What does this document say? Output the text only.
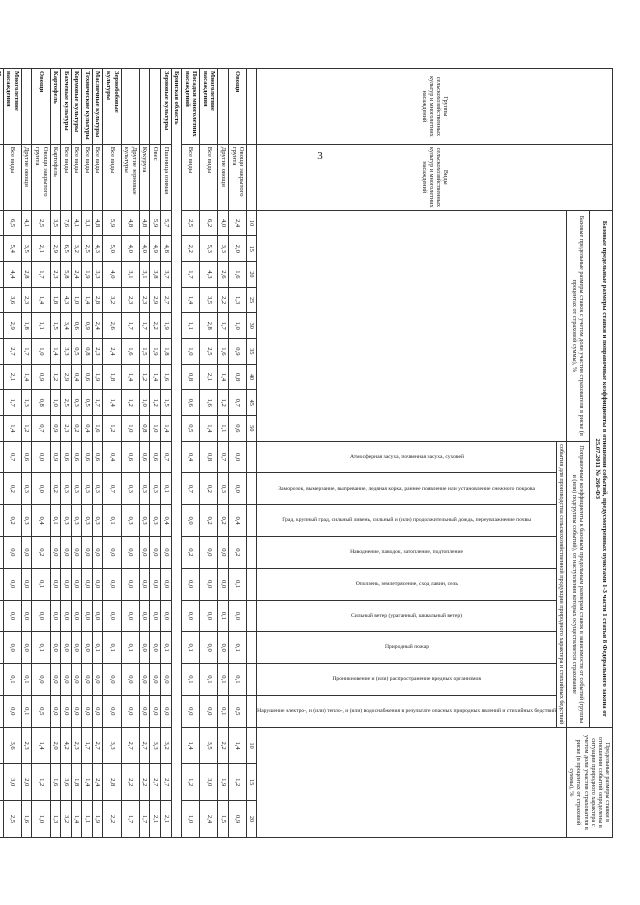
3
Группы сельскохозяйственных культур и многолетних насаждений	Виды сельскохозяйственных культур и многолетних насаждений	Базовые предельные размеры ставки и поправочные коэффициенты в отношении событий, предусмотренных пунктами 1-3 части 1 статьи 8 Федерального закона от 25.07.2011 № 260-ФЗ																		Предельные размеры ставки в отношении событий определены в ситуации природного характера с учетом доли участия страхователя в риске (в процентах от страховой суммы), %		
		Базовые предельные размеры ставок с учетом доли участия страхователя в риске (в процентах от страховой суммы), %									Поправочные коэффициенты к базовым предельным размерам ставок в зависимости от событий (группы и (или) подгруппы событий), от наступления которых осуществляется страхование											
											события для производства сельскохозяйственной продукции природного характера и стихийных бедствий											

											Атмосферная засуха, почвенная засуха, суховей	Заморозок, вымерзание, выпревание, ледяная корка, раннее появление или установление снежного покрова	Град, крупный град, сильный ливень, сильный и (или) продолжительный дождь, переувлажнение почвы	Наводнение, паводок, затопление, подтопление	Оползень, землетрясение, сход лавин, сель	Сильный ветер (ураганный, шквальный ветер)	Природный пожар	Проникновение и (или) распространение вредных организмов	Нарушение электро-, и (или) тепло-, и (или) водоснабжения в результате опасных природных явлений и стихийных бедствий			

		10	15	20	25	30	35	40	45	50										10	15	20
Овощи	Овощи закрытого грунта	2,4	2,0	1,6	1,3	1,0	0,9	0,8	0,7	0,6	0,0	0,0	0,4	0,2	0,1	0,0	0,1	0,1	0,5	1,4	1,2	0,9
	Другие овощи	4,0	3,3	2,6	2,2	1,7	1,6	1,4	1,2	1,1	0,7	0,3	0,2	0,0	0,0	0,1	0,0	0,1	0,1	2,2	1,9	1,5
Многолетние насаждения	Все виды	6,2	5,3	4,3	3,5	2,8	2,5	2,1	1,6	1,4	0,8	0,2	0,2	0,0	0,0	0,0	0,0	0,1	0,0	3,5	3,0	2,4
Посадки многолетних насаждений	Все виды	2,5	2,2	1,7	1,4	1,1	1,0	0,8	0,6	0,5	0,4	0,7	0,0	0,2	0,0	0,0	0,1	0,1	0,0	1,4	1,2	1,0
Брянская область																						
Зерновые культуры	Пшеница озимая	5,7	4,8	3,7	2,7	1,9	1,8	1,6	1,5	1,4	0,7	0,1	0,4	0,0	0,0	0,0	0,1	0,0	0,0	3,2	2,7	2,1
	Овес	5,9	4,9	3,8	2,9	2,2	1,9	1,4	1,2	1,0	0,6	0,3	0,3	0,0	0,0	0,0	0,0	0,0	0,0	3,3	2,7	2,1
	Кукуруза	4,8	4,0	3,1	2,3	1,7	1,5	1,2	1,0	0,8	0,6	0,3	0,3	0,0	0,0	0,0	0,0	0,0	0,0	2,7	2,2	1,7
	Другие зерновые культуры	4,8	4,0	3,1	2,3	1,7	1,6	1,4	1,2	1,0	0,6	0,3	0,3	0,0	0,0	0,0	0,1	0,0	0,0	2,7	2,2	1,7
Зернобобовые культуры	Все виды	5,9	5,0	4,0	3,2	2,6	2,4	1,8	1,4	1,2	0,4	0,7	0,1	0,0	0,0	0,0	0,1	0,0	0,0	3,3	2,8	2,2
Масличные культуры	Все виды	4,8	4,3	3,3	2,8	2,4	2,3	1,9	1,7	1,6	0,6	0,3	0,3	0,0	0,0	0,0	0,1	0,0	0,0	2,7	2,4	1,9
Технические культуры	Все виды	3,1	2,5	1,9	1,4	0,9	0,8	0,6	0,5	0,4	0,6	0,3	0,3	0,0	0,0	0,0	0,0	0,0	0,0	1,7	1,4	1,1
Кормовые культуры	Все виды	4,1	3,2	2,4	1,0	0,6	0,5	0,4	0,3	0,2	0,6	0,3	0,3	0,0	0,0	0,0	0,0	0,0	0,0	2,3	1,8	1,4
Бахчевые культуры	Все виды	7,6	6,5	5,8	4,3	3,4	3,3	2,9	2,5	2,3	0,6	0,3	0,3	0,0	0,0	0,0	0,0	0,0	0,0	4,2	3,6	3,2
Картофель	Картофель	3,5	2,9	2,3	1,8	1,5	1,4	1,2	1,0	0,9	0,9	0,2	0,1	0,0	0,0	0,0	0,0	0,0	0,0	2,0	1,6	1,3
Овощи	Овощи закрытого грунта	2,5	2,1	1,7	1,4	1,1	1,0	0,9	0,8	0,7	0,0	0,0	0,4	0,2	0,1	0,0	0,1	0,0	0,5	1,4	1,2	1,0
	Другие овощи	4,1	3,5	2,8	2,3	1,8	1,7	1,4	1,3	1,2	0,6	0,3	0,3	0,0	0,0	0,0	0,0	0,1	0,1	2,3	2,0	1,6
Многолетние насаждения	Все виды	6,5	5,4	4,4	3,6	2,9	2,7	2,1	1,7	1,4	0,7	0,2	0,2	0,0	0,0	0,0	0,0	0,1	0,0	3,6	3,0	2,5
